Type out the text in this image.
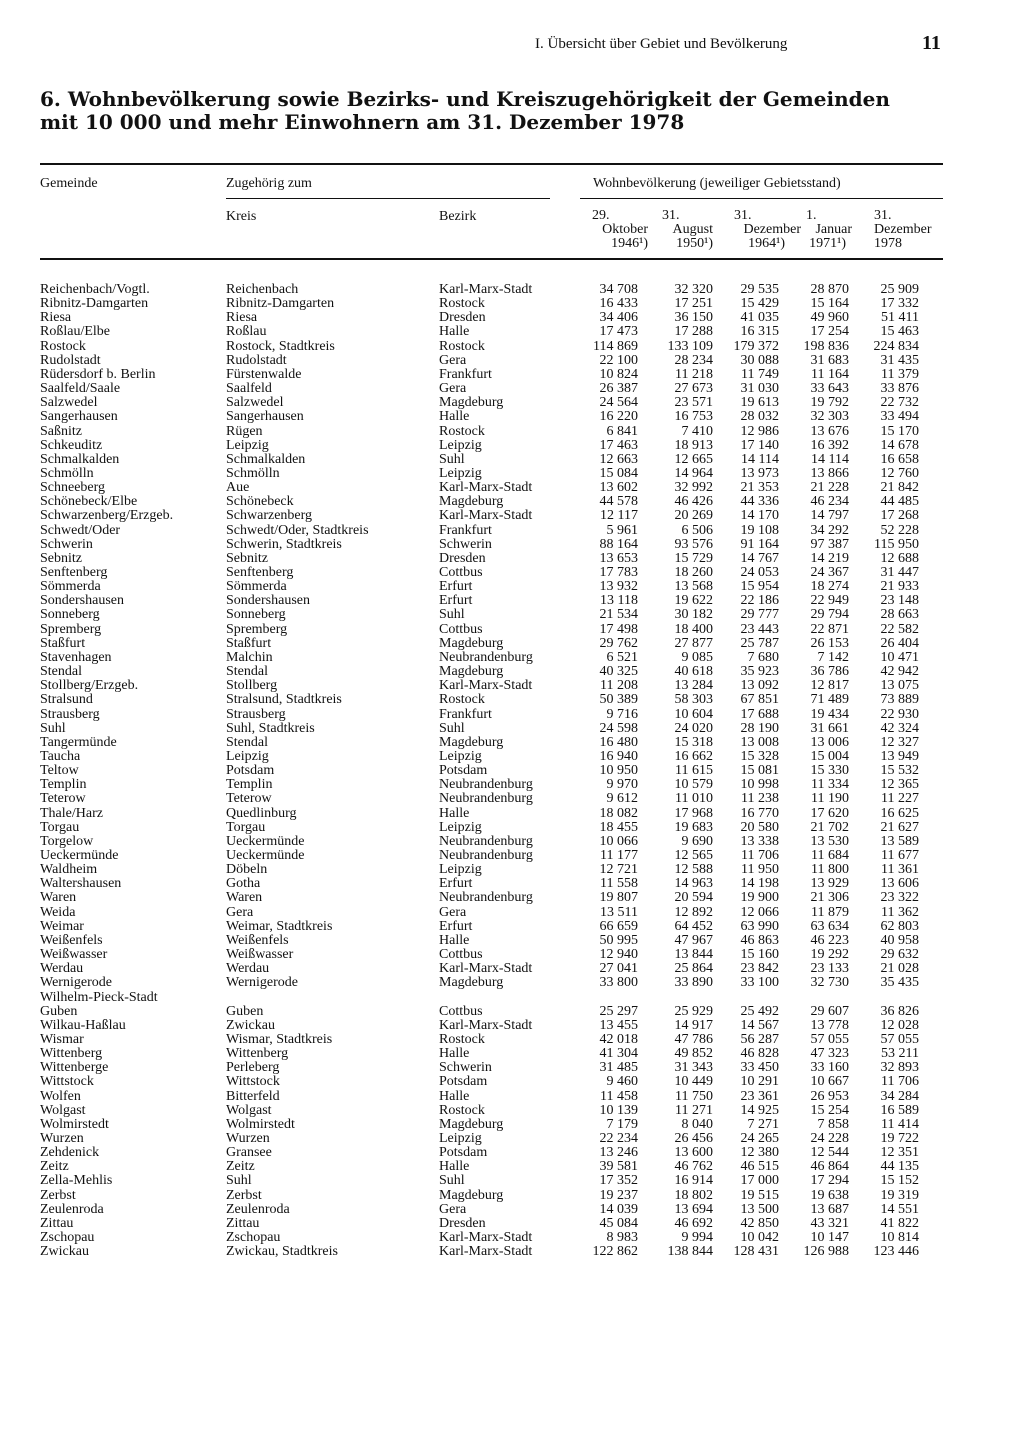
I. Übersicht über Gebiet und Bevölkerung	11
6. Wohnbevölkerung sowie Bezirks- und Kreiszugehörigkeit der Gemeinden
mit 10 000 und mehr Einwohnern am 31. Dezember 1978
Gemeinde	Zugehörig zum	Wohnbevölkerung (jeweiliger Gebietsstand)
Kreis	Bezirk	29.
Oktober
1946¹)
31.
August
1950¹)
31.
Dezember
1964¹)
1.
Januar
1971¹)
31.
Dezember
1978
Reichenbach/Vogtl.	Reichenbach	Karl-Marx-Stadt	34 708	32 320	29 535	28 870	25 909
Ribnitz-Damgarten	Ribnitz-Damgarten	Rostock	16 433	17 251	15 429	15 164	17 332
Riesa	Riesa	Dresden	34 406	36 150	41 035	49 960	51 411
Roßlau/Elbe	Roßlau	Halle	17 473	17 288	16 315	17 254	15 463
Rostock	Rostock, Stadtkreis	Rostock	114 869	133 109	179 372	198 836	224 834
Rudolstadt	Rudolstadt	Gera	22 100	28 234	30 088	31 683	31 435
Rüdersdorf b. Berlin	Fürstenwalde	Frankfurt	10 824	11 218	11 749	11 164	11 379
Saalfeld/Saale	Saalfeld	Gera	26 387	27 673	31 030	33 643	33 876
Salzwedel	Salzwedel	Magdeburg	24 564	23 571	19 613	19 792	22 732
Sangerhausen	Sangerhausen	Halle	16 220	16 753	28 032	32 303	33 494
Saßnitz	Rügen	Rostock	6 841	7 410	12 986	13 676	15 170
Schkeuditz	Leipzig	Leipzig	17 463	18 913	17 140	16 392	14 678
Schmalkalden	Schmalkalden	Suhl	12 663	12 665	14 114	14 114	16 658
Schmölln	Schmölln	Leipzig	15 084	14 964	13 973	13 866	12 760
Schneeberg	Aue	Karl-Marx-Stadt	13 602	32 992	21 353	21 228	21 842
Schönebeck/Elbe	Schönebeck	Magdeburg	44 578	46 426	44 336	46 234	44 485
Schwarzenberg/Erzgeb.	Schwarzenberg	Karl-Marx-Stadt	12 117	20 269	14 170	14 797	17 268
Schwedt/Oder	Schwedt/Oder, Stadtkreis	Frankfurt	5 961	6 506	19 108	34 292	52 228
Schwerin	Schwerin, Stadtkreis	Schwerin	88 164	93 576	91 164	97 387	115 950
Sebnitz	Sebnitz	Dresden	13 653	15 729	14 767	14 219	12 688
Senftenberg	Senftenberg	Cottbus	17 783	18 260	24 053	24 367	31 447
Sömmerda	Sömmerda	Erfurt	13 932	13 568	15 954	18 274	21 933
Sondershausen	Sondershausen	Erfurt	13 118	19 622	22 186	22 949	23 148
Sonneberg	Sonneberg	Suhl	21 534	30 182	29 777	29 794	28 663
Spremberg	Spremberg	Cottbus	17 498	18 400	23 443	22 871	22 582
Staßfurt	Staßfurt	Magdeburg	29 762	27 877	25 787	26 153	26 404
Stavenhagen	Malchin	Neubrandenburg	6 521	9 085	7 680	7 142	10 471
Stendal	Stendal	Magdeburg	40 325	40 618	35 923	36 786	42 942
Stollberg/Erzgeb.	Stollberg	Karl-Marx-Stadt	11 208	13 284	13 092	12 817	13 075
Stralsund	Stralsund, Stadtkreis	Rostock	50 389	58 303	67 851	71 489	73 889
Strausberg	Strausberg	Frankfurt	9 716	10 604	17 688	19 434	22 930
Suhl	Suhl, Stadtkreis	Suhl	24 598	24 020	28 190	31 661	42 324
Tangermünde	Stendal	Magdeburg	16 480	15 318	13 008	13 006	12 327
Taucha	Leipzig	Leipzig	16 940	16 662	15 328	15 004	13 949
Teltow	Potsdam	Potsdam	10 950	11 615	15 081	15 330	15 532
Templin	Templin	Neubrandenburg	9 970	10 579	10 998	11 334	12 365
Teterow	Teterow	Neubrandenburg	9 612	11 010	11 238	11 190	11 227
Thale/Harz	Quedlinburg	Halle	18 082	17 968	16 770	17 620	16 625
Torgau	Torgau	Leipzig	18 455	19 683	20 580	21 702	21 627
Torgelow	Ueckermünde	Neubrandenburg	10 066	9 690	13 338	13 530	13 589
Ueckermünde	Ueckermünde	Neubrandenburg	11 177	12 565	11 706	11 684	11 677
Waldheim	Döbeln	Leipzig	12 721	12 588	11 950	11 800	11 361
Waltershausen	Gotha	Erfurt	11 558	14 963	14 198	13 929	13 606
Waren	Waren	Neubrandenburg	19 807	20 594	19 900	21 306	23 322
Weida	Gera	Gera	13 511	12 892	12 066	11 879	11 362
Weimar	Weimar, Stadtkreis	Erfurt	66 659	64 452	63 990	63 634	62 803
Weißenfels	Weißenfels	Halle	50 995	47 967	46 863	46 223	40 958
Weißwasser	Weißwasser	Cottbus	12 940	13 844	15 160	19 292	29 632
Werdau	Werdau	Karl-Marx-Stadt	27 041	25 864	23 842	23 133	21 028
Wernigerode	Wernigerode	Magdeburg	33 800	33 890	33 100	32 730	35 435
Wilhelm-Pieck-Stadt
Guben	Guben	Cottbus	25 297	25 929	25 492	29 607	36 826
Wilkau-Haßlau	Zwickau	Karl-Marx-Stadt	13 455	14 917	14 567	13 778	12 028
Wismar	Wismar, Stadtkreis	Rostock	42 018	47 786	56 287	57 055	57 055
Wittenberg	Wittenberg	Halle	41 304	49 852	46 828	47 323	53 211
Wittenberge	Perleberg	Schwerin	31 485	31 343	33 450	33 160	32 893
Wittstock	Wittstock	Potsdam	9 460	10 449	10 291	10 667	11 706
Wolfen	Bitterfeld	Halle	11 458	11 750	23 361	26 953	34 284
Wolgast	Wolgast	Rostock	10 139	11 271	14 925	15 254	16 589
Wolmirstedt	Wolmirstedt	Magdeburg	7 179	8 040	7 271	7 858	11 414
Wurzen	Wurzen	Leipzig	22 234	26 456	24 265	24 228	19 722
Zehdenick	Gransee	Potsdam	13 246	13 600	12 380	12 544	12 351
Zeitz	Zeitz	Halle	39 581	46 762	46 515	46 864	44 135
Zella-Mehlis	Suhl	Suhl	17 352	16 914	17 000	17 294	15 152
Zerbst	Zerbst	Magdeburg	19 237	18 802	19 515	19 638	19 319
Zeulenroda	Zeulenroda	Gera	14 039	13 694	13 500	13 687	14 551
Zittau	Zittau	Dresden	45 084	46 692	42 850	43 321	41 822
Zschopau	Zschopau	Karl-Marx-Stadt	8 983	9 994	10 042	10 147	10 814
Zwickau	Zwickau, Stadtkreis	Karl-Marx-Stadt	122 862	138 844	128 431	126 988	123 446
